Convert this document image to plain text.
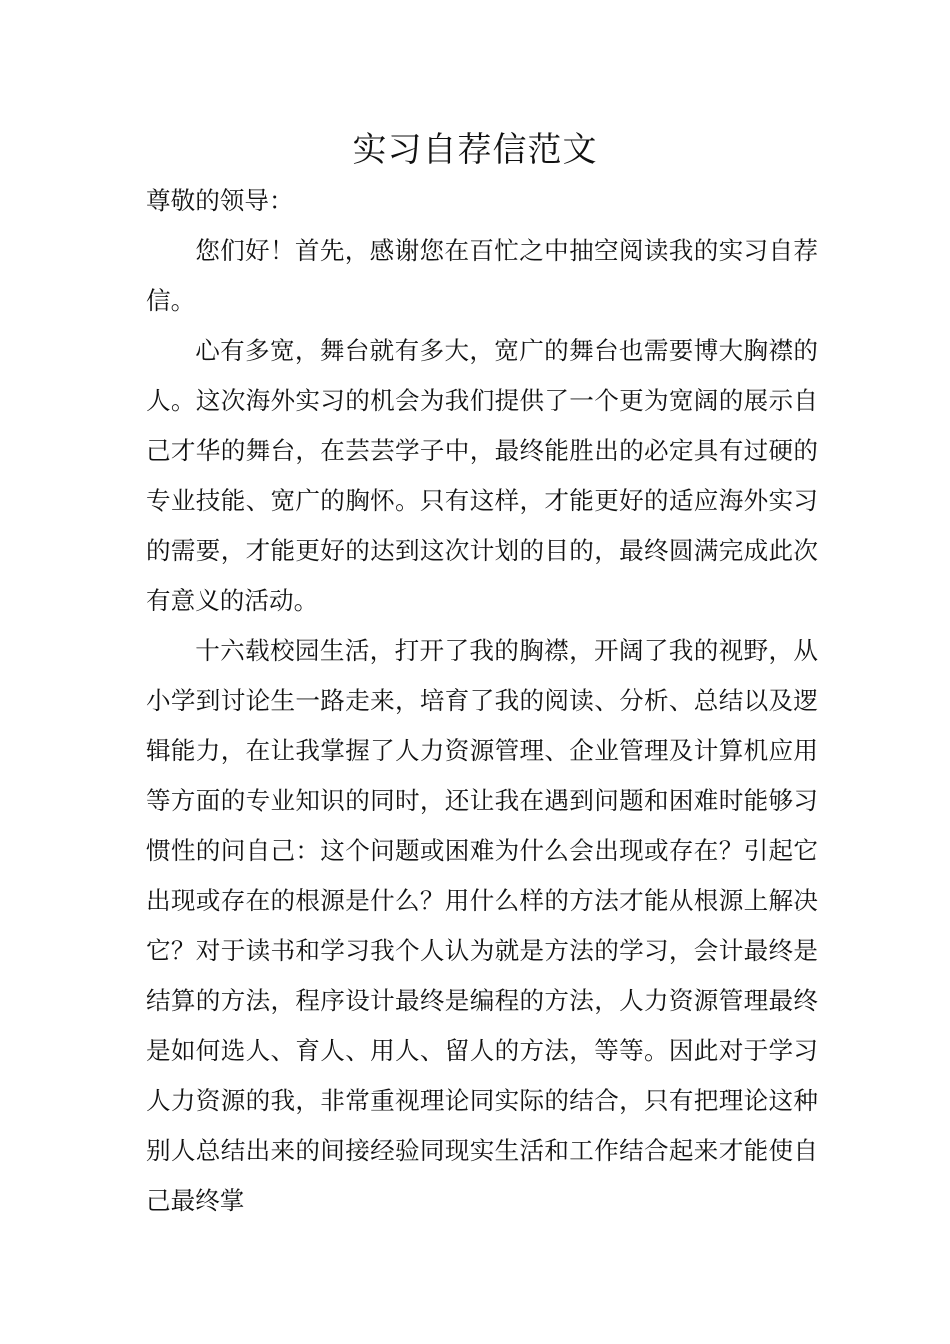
实习自荐信范文

尊敬的领导：

您们好！首先，感谢您在百忙之中抽空阅读我的实习自荐信。

心有多宽，舞台就有多大，宽广的舞台也需要博大胸襟的人。这次海外实习的机会为我们提供了一个更为宽阔的展示自己才华的舞台，在芸芸学子中，最终能胜出的必定具有过硬的专业技能、宽广的胸怀。只有这样，才能更好的适应海外实习的需要，才能更好的达到这次计划的目的，最终圆满完成此次有意义的活动。

十六载校园生活，打开了我的胸襟，开阔了我的视野，从小学到讨论生一路走来，培育了我的阅读、分析、总结以及逻辑能力，在让我掌握了人力资源管理、企业管理及计算机应用等方面的专业知识的同时，还让我在遇到问题和困难时能够习惯性的问自己：这个问题或困难为什么会出现或存在？引起它出现或存在的根源是什么？用什么样的方法才能从根源上解决它？对于读书和学习我个人认为就是方法的学习，会计最终是结算的方法，程序设计最终是编程的方法，人力资源管理最终是如何选人、育人、用人、留人的方法，等等。因此对于学习人力资源的我，非常重视理论同实际的结合，只有把理论这种别人总结出来的间接经验同现实生活和工作结合起来才能使自己最终掌
